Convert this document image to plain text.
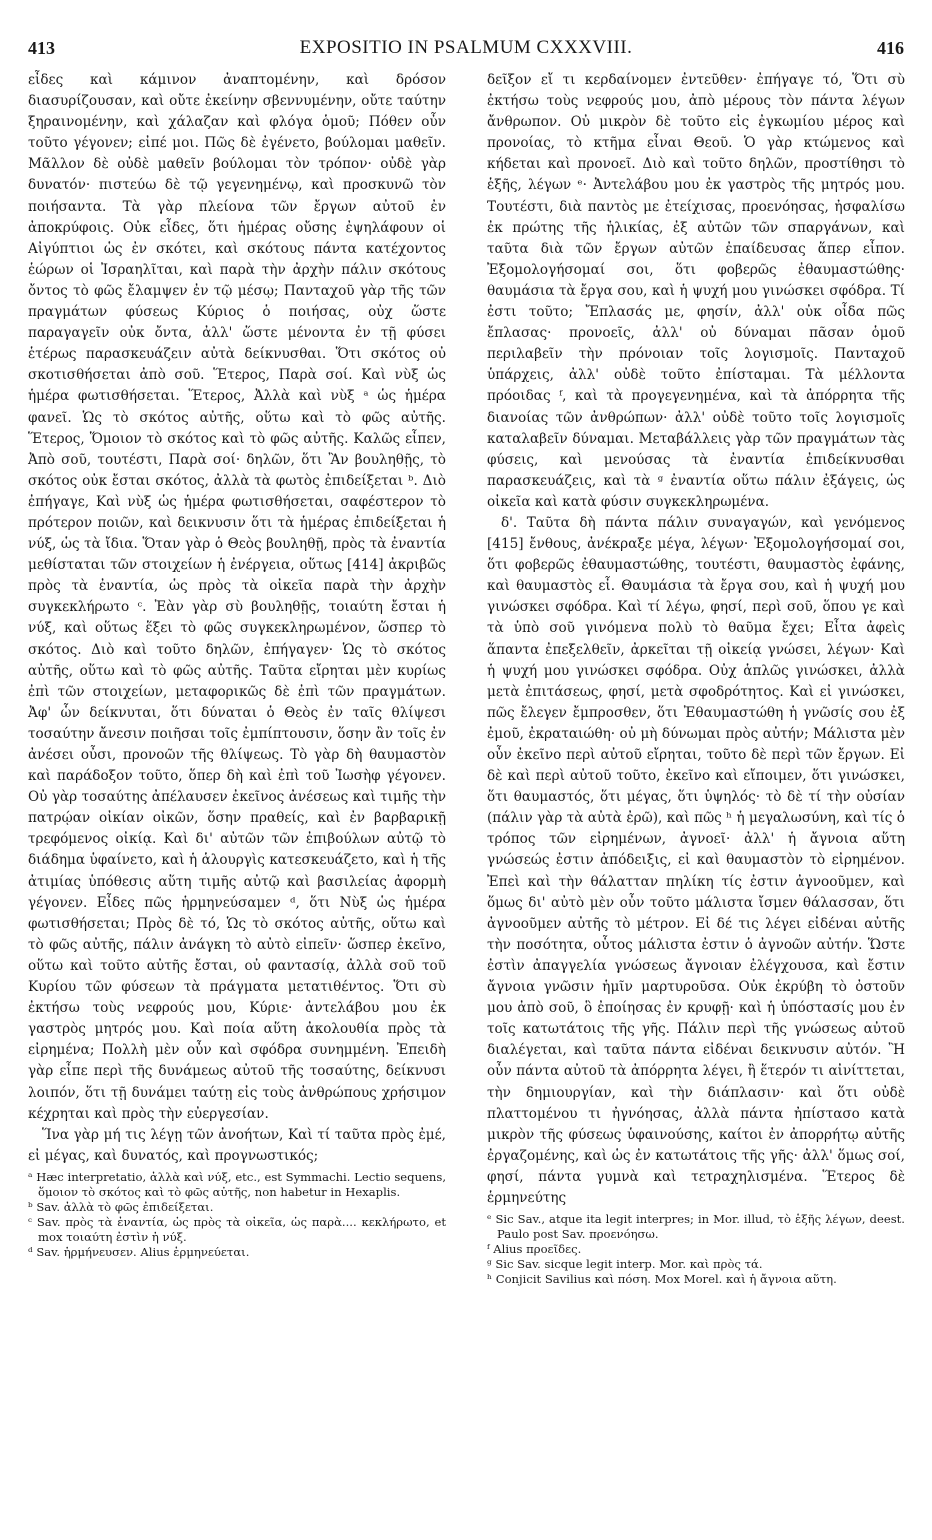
413	EXPOSITIO IN PSALMUM CXXXVIII.	416

εἶδες καὶ κάμινον ἀναπτομένην, καὶ δρόσον διασυρίζουσαν, καὶ οὔτε ἐκείνην σβεννυμένην, οὔτε ταύτην ξηραινομένην, καὶ χάλαζαν καὶ φλόγα ὁμοῦ; Πόθεν οὖν τοῦτο γέγονεν; εἰπέ μοι. Πῶς δὲ ἐγένετο, βούλομαι μαθεῖν. Μᾶλλον δὲ οὐδὲ μαθεῖν βούλομαι τὸν τρόπον· οὐδὲ γὰρ δυνατόν· πιστεύω δὲ τῷ γεγενημένῳ, καὶ προσκυνῶ τὸν ποιήσαντα. Τὰ γὰρ πλείονα τῶν ἔργων αὐτοῦ ἐν ἀποκρύφοις. Οὐκ εἶδες, ὅτι ἡμέρας οὔσης ἐψηλάφουν οἱ Αἰγύπτιοι ὡς ἐν σκότει, καὶ σκότους πάντα κατέχοντος ἑώρων οἱ Ἰσραηλῖται, καὶ παρὰ τὴν ἀρχὴν πάλιν σκότους ὄντος τὸ φῶς ἔλαμψεν ἐν τῷ μέσῳ; Πανταχοῦ γὰρ τῆς τῶν πραγμάτων φύσεως Κύριος ὁ ποιήσας, οὐχ ὥστε παραγαγεῖν οὐκ ὄντα, ἀλλ' ὥστε μένοντα ἐν τῇ φύσει ἑτέρως παρασκευάζειν αὐτὰ δείκνυσθαι. Ὅτι σκότος οὐ σκοτισθήσεται ἀπὸ σοῦ. Ἕτερος, Παρὰ σοί. Καὶ νὺξ ὡς ἡμέρα φωτισθήσεται. Ἕτερος, Ἀλλὰ καὶ νὺξ ᵃ ὡς ἡμέρα φανεῖ. Ὡς τὸ σκότος αὐτῆς, οὕτω καὶ τὸ φῶς αὐτῆς. Ἕτερος, Ὅμοιον τὸ σκότος καὶ τὸ φῶς αὐτῆς. Καλῶς εἶπεν, Ἀπὸ σοῦ, τουτέστι, Παρὰ σοί· δηλῶν, ὅτι Ἂν βουληθῇς, τὸ σκότος οὐκ ἔσται σκότος, ἀλλὰ τὰ φωτὸς ἐπιδείξεται ᵇ. Διὸ ἐπήγαγε, Καὶ νὺξ ὡς ἡμέρα φωτισθήσεται, σαφέστερον τὸ πρότερον ποιῶν, καὶ δεικνυσιν ὅτι τὰ ἡμέρας ἐπιδείξεται ἡ νύξ, ὡς τὰ ἴδια. Ὅταν γὰρ ὁ Θεὸς βουληθῇ, πρὸς τὰ ἐναντία μεθίσταται τῶν στοιχείων ἡ ἐνέργεια, οὕτως [414] ἀκριβῶς πρὸς τὰ ἐναντία, ὡς πρὸς τὰ οἰκεῖα παρὰ τὴν ἀρχὴν συγκεκλήρωτο ᶜ. Ἐὰν γὰρ σὺ βουληθῇς, τοιαύτη ἔσται ἡ νύξ, καὶ οὕτως ἕξει τὸ φῶς συγκεκληρωμένον, ὥσπερ τὸ σκότος. Διὸ καὶ τοῦτο δηλῶν, ἐπήγαγεν· Ὡς τὸ σκότος αὐτῆς, οὕτω καὶ τὸ φῶς αὐτῆς. Ταῦτα εἴρηται μὲν κυρίως ἐπὶ τῶν στοιχείων, μεταφορικῶς δὲ ἐπὶ τῶν πραγμάτων. Ἀφ' ὧν δείκνυται, ὅτι δύναται ὁ Θεὸς ἐν ταῖς θλίψεσι τοσαύτην ἄνεσιν ποιῆσαι τοῖς ἐμπίπτουσιν, ὅσην ἂν τοῖς ἐν ἀνέσει οὖσι, προνοῶν τῆς θλίψεως. Τὸ γὰρ δὴ θαυμαστὸν καὶ παράδοξον τοῦτο, ὅπερ δὴ καὶ ἐπὶ τοῦ Ἰωσὴφ γέγονεν. Οὐ γὰρ τοσαύτης ἀπέλαυσεν ἐκεῖνος ἀνέσεως καὶ τιμῆς τὴν πατρῴαν οἰκίαν οἰκῶν, ὅσην πραθείς, καὶ ἐν βαρβαρικῇ τρεφόμενος οἰκίᾳ. Καὶ δι' αὐτῶν τῶν ἐπιβούλων αὐτῷ τὸ διάδημα ὑφαίνετο, καὶ ἡ ἁλουργὶς κατεσκευάζετο, καὶ ἡ τῆς ἀτιμίας ὑπόθεσις αὕτη τιμῆς αὐτῷ καὶ βασιλείας ἀφορμὴ γέγονεν. Εἶδες πῶς ἡρμηνεύσαμεν ᵈ, ὅτι Νὺξ ὡς ἡμέρα φωτισθήσεται; Πρὸς δὲ τό, Ὡς τὸ σκότος αὐτῆς, οὕτω καὶ τὸ φῶς αὐτῆς, πάλιν ἀνάγκη τὸ αὐτὸ εἰπεῖν· ὥσπερ ἐκεῖνο, οὕτω καὶ τοῦτο αὐτῆς ἔσται, οὐ φαντασίᾳ, ἀλλὰ σοῦ τοῦ Κυρίου τῶν φύσεων τὰ πράγματα μετατιθέντος. Ὅτι σὺ ἐκτήσω τοὺς νεφρούς μου, Κύριε· ἀντελάβου μου ἐκ γαστρὸς μητρός μου. Καὶ ποία αὕτη ἀκολουθία πρὸς τὰ εἰρημένα; Πολλὴ μὲν οὖν καὶ σφόδρα συνημμένη. Ἐπειδὴ γὰρ εἶπε περὶ τῆς δυνάμεως αὐτοῦ τῆς τοσαύτης, δείκνυσι λοιπόν, ὅτι τῇ δυνάμει ταύτῃ εἰς τοὺς ἀνθρώπους χρήσιμον κέχρηται καὶ πρὸς τὴν εὐεργεσίαν.

Ἵνα γὰρ μή τις λέγῃ τῶν ἀνοήτων, Καὶ τί ταῦτα πρὸς ἐμέ, εἰ μέγας, καὶ δυνατός, καὶ προγνωστικός;

ᵃ Hæc interpretatio, ἀλλὰ καὶ νύξ, etc., est Symmachi. Lectio sequens, ὅμοιον τὸ σκότος καὶ τὸ φῶς αὐτῆς, non habetur in Hexaplis.
ᵇ Sav. ἀλλὰ τὸ φῶς ἐπιδείξεται.
ᶜ Sav. πρὸς τὰ ἐναντία, ὡς πρὸς τὰ οἰκεῖα, ὡς παρὰ.... κεκλήρωτο, et mox τοιαύτη ἐστὶν ἡ νύξ.
ᵈ Sav. ἡρμήνευσεν. Alius ἑρμηνεύεται.

δεῖξον εἴ τι κερδαίνομεν ἐντεῦθεν· ἐπήγαγε τό, Ὅτι σὺ ἐκτήσω τοὺς νεφρούς μου, ἀπὸ μέρους τὸν πάντα λέγων ἄνθρωπον. Οὐ μικρὸν δὲ τοῦτο εἰς ἐγκωμίου μέρος καὶ προνοίας, τὸ κτῆμα εἶναι Θεοῦ. Ὁ γὰρ κτώμενος καὶ κήδεται καὶ προνοεῖ. Διὸ καὶ τοῦτο δηλῶν, προστίθησι τὸ ἑξῆς, λέγων ᵉ· Ἀντελάβου μου ἐκ γαστρὸς τῆς μητρός μου. Τουτέστι, διὰ παντὸς με ἐτείχισας, προενόησας, ἠσφαλίσω ἐκ πρώτης τῆς ἡλικίας, ἐξ αὐτῶν τῶν σπαργάνων, καὶ ταῦτα διὰ τῶν ἔργων αὐτῶν ἐπαίδευσας ἅπερ εἶπον. Ἐξομολογήσομαί σοι, ὅτι φοβερῶς ἐθαυμαστώθης· θαυμάσια τὰ ἔργα σου, καὶ ἡ ψυχή μου γινώσκει σφόδρα. Τί ἐστι τοῦτο; Ἔπλασάς με, φησίν, ἀλλ' οὐκ οἶδα πῶς ἔπλασας· προνοεῖς, ἀλλ' οὐ δύναμαι πᾶσαν ὁμοῦ περιλαβεῖν τὴν πρόνοιαν τοῖς λογισμοῖς. Πανταχοῦ ὑπάρχεις, ἀλλ' οὐδὲ τοῦτο ἐπίσταμαι. Τὰ μέλλοντα πρόοιδας ᶠ, καὶ τὰ προγεγενημένα, καὶ τὰ ἀπόρρητα τῆς διανοίας τῶν ἀνθρώπων· ἀλλ' οὐδὲ τοῦτο τοῖς λογισμοῖς καταλαβεῖν δύναμαι. Μεταβάλλεις γὰρ τῶν πραγμάτων τὰς φύσεις, καὶ μενούσας τὰ ἐναντία ἐπιδείκνυσθαι παρασκευάζεις, καὶ τὰ ᵍ ἐναντία οὕτω πάλιν ἐξάγεις, ὡς οἰκεῖα καὶ κατὰ φύσιν συγκεκληρωμένα.

δ'. Ταῦτα δὴ πάντα πάλιν συναγαγών, καὶ γενόμενος [415] ἔνθους, ἀνέκραξε μέγα, λέγων· Ἐξομολογήσομαί σοι, ὅτι φοβερῶς ἐθαυμαστώθης, τουτέστι, θαυμαστὸς ἐφάνης, καὶ θαυμαστὸς εἶ. Θαυμάσια τὰ ἔργα σου, καὶ ἡ ψυχή μου γινώσκει σφόδρα. Καὶ τί λέγω, φησί, περὶ σοῦ, ὅπου γε καὶ τὰ ὑπὸ σοῦ γινόμενα πολὺ τὸ θαῦμα ἔχει; Εἶτα ἀφεὶς ἅπαντα ἐπεξελθεῖν, ἀρκεῖται τῇ οἰκείᾳ γνώσει, λέγων· Καὶ ἡ ψυχή μου γινώσκει σφόδρα. Οὐχ ἁπλῶς γινώσκει, ἀλλὰ μετὰ ἐπιτάσεως, φησί, μετὰ σφοδρότητος. Καὶ εἰ γινώσκει, πῶς ἔλεγεν ἔμπροσθεν, ὅτι Ἐθαυμαστώθη ἡ γνῶσίς σου ἐξ ἐμοῦ, ἐκραταιώθη· οὐ μὴ δύνωμαι πρὸς αὐτήν; Μάλιστα μὲν οὖν ἐκεῖνο περὶ αὐτοῦ εἴρηται, τοῦτο δὲ περὶ τῶν ἔργων. Εἰ δὲ καὶ περὶ αὐτοῦ τοῦτο, ἐκεῖνο καὶ εἴποιμεν, ὅτι γινώσκει, ὅτι θαυμαστός, ὅτι μέγας, ὅτι ὑψηλός· τὸ δὲ τί τὴν οὐσίαν (πάλιν γὰρ τὰ αὐτὰ ἐρῶ), καὶ πῶς ʰ ἡ μεγαλωσύνη, καὶ τίς ὁ τρόπος τῶν εἰρημένων, ἀγνοεῖ· ἀλλ' ἡ ἄγνοια αὕτη γνώσεώς ἐστιν ἀπόδειξις, εἰ καὶ θαυμαστὸν τὸ εἰρημένον. Ἐπεὶ καὶ τὴν θάλατταν πηλίκη τίς ἐστιν ἀγνοοῦμεν, καὶ ὅμως δι' αὐτὸ μὲν οὖν τοῦτο μάλιστα ἴσμεν θάλασσαν, ὅτι ἀγνοοῦμεν αὐτῆς τὸ μέτρον. Εἰ δέ τις λέγει εἰδέναι αὐτῆς τὴν ποσότητα, οὗτος μάλιστα ἐστιν ὁ ἀγνοῶν αὐτήν. Ὥστε ἐστὶν ἀπαγγελία γνώσεως ἄγνοιαν ἐλέγχουσα, καὶ ἔστιν ἄγνοια γνῶσιν ἡμῖν μαρτυροῦσα. Οὐκ ἐκρύβη τὸ ὀστοῦν μου ἀπὸ σοῦ, ὃ ἐποίησας ἐν κρυφῇ· καὶ ἡ ὑπόστασίς μου ἐν τοῖς κατωτάτοις τῆς γῆς. Πάλιν περὶ τῆς γνώσεως αὐτοῦ διαλέγεται, καὶ ταῦτα πάντα εἰδέναι δεικνυσιν αὐτόν. Ἢ οὖν πάντα αὐτοῦ τὰ ἀπόρρητα λέγει, ἢ ἕτερόν τι αἰνίττεται, τὴν δημιουργίαν, καὶ τὴν διάπλασιν· καὶ ὅτι οὐδὲ πλαττομένου τι ἠγνόησας, ἀλλὰ πάντα ἠπίστασο κατὰ μικρὸν τῆς φύσεως ὑφαινούσης, καίτοι ἐν ἀπορρήτῳ αὐτῆς ἐργαζομένης, καὶ ὡς ἐν κατωτάτοις τῆς γῆς· ἀλλ' ὅμως σοί, φησί, πάντα γυμνὰ καὶ τετραχηλισμένα. Ἕτερος δὲ ἑρμηνεύτης

ᵉ Sic Sav., atque ita legit interpres; in Mor. illud, τὸ ἑξῆς λέγων, deest. Paulo post Sav. προενόησω.
ᶠ Alius προεῖδες.
ᵍ Sic Sav. sicque legit interp. Mor. καὶ πρὸς τά.
ʰ Conjicit Savilius καὶ πόση. Mox Morel. καὶ ἡ ἄγνοια αὕτη.
